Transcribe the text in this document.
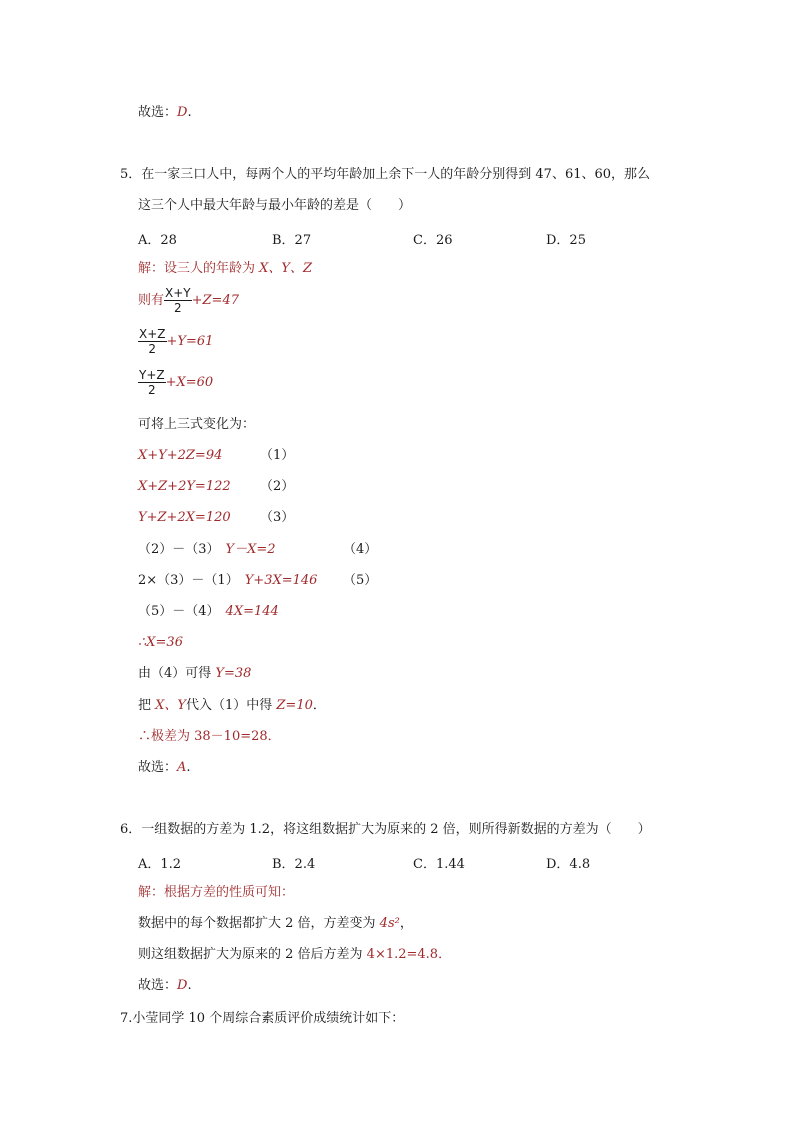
故选：D.
5．在一家三口人中，每两个人的平均年龄加上余下一人的年龄分别得到 47、61、60，那么
这三个人中最大年龄与最小年龄的差是（　　）
A．28	B．27	C．26	D．25
解：设三人的年龄为 X、Y、Z
则有 $\frac{X+Y}{2} +Z=47$
$\frac{X+Z}{2} +Y=61$
$\frac{Y+Z}{2} +X=60$
可将上三式变化为：
X+Y+2Z=94	（1）
X+Z+2Y=122 （2）
Y+Z+2X=120 （3）
（2）－（3） Y－X=2	（4）
2×（3）－（1） Y+3X=146 （5）
（5）－（4） 4X=144
∴X=36
由（4）可得 Y=38
把 X、Y代入（1）中得 Z=10．
∴极差为 38－10=28．
故选：A.
6．一组数据的方差为 1.2，将这组数据扩大为原来的 2 倍，则所得新数据的方差为（　　）
A．1.2	B．2.4	C．1.44	D．4.8
解：根据方差的性质可知：
数据中的每个数据都扩大 2 倍，方差变为 4s²，
则这组数据扩大为原来的 2 倍后方差为 4×1.2=4.8．
故选：D.
7.小莹同学 10 个周综合素质评价成绩统计如下：
